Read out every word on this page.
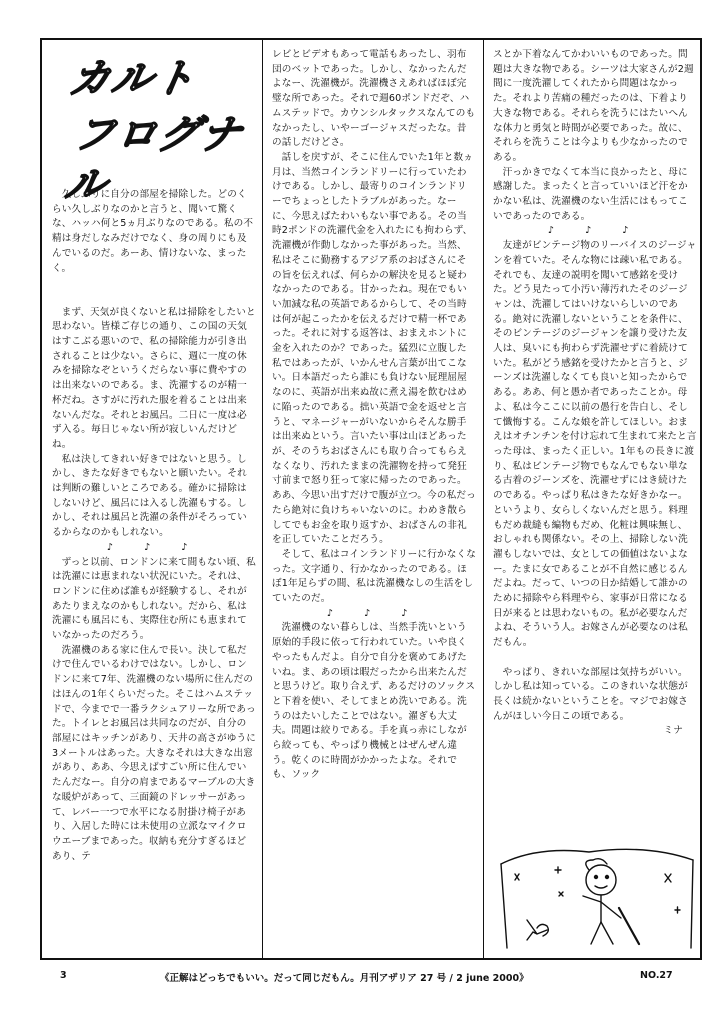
カルト
フログナル

久しぶりに自分の部屋を掃除した。どのくらい久しぶりなのかと言うと、聞いて驚くな、ハッハ何と5ヵ月ぶりなのである。私の不精は身だしなみだけでなく、身の周りにも及んでいるのだ。あーあ、情けないな、まったく。

まず、天気が良くないと私は掃除をしたいと思わない。皆様ご存じの通り、この国の天気はすこぶる悪いので、私の掃除能力が引き出されることは少ない。さらに、週に一度の休みを掃除なぞというくだらない事に費やすのは出来ないのである。ま、洗濯するのが精一杯だね。さすがに汚れた服を着ることは出来ないんだな。それとお風呂。二日に一度は必ず入る。毎日じゃない所が寂しいんだけどね。

私は決してきれい好きではないと思う。しかし、きたな好きでもないと願いたい。それは判断の難しいところである。確かに掃除はしないけど、風呂には入るし洗濯もする。しかし、それは風呂と洗濯の条件がそろっているからなのかもしれない。

♪ ♪ ♪

ずっと以前、ロンドンに来て間もない頃、私は洗濯には恵まれない状況にいた。それは、ロンドンに住めば誰もが経験するし、それがあたりまえなのかもしれない。だから、私は洗濯にも風呂にも、実際住む所にも恵まれていなかったのだろう。

洗濯機のある家に住んで長い。決して私だけで住んでいるわけではない。しかし、ロンドンに来て7年、洗濯機のない場所に住んだのはほんの1年くらいだった。そこはハムステッドで、今までで一番ラクシュアリーな所であった。トイレとお風呂は共同なのだが、自分の部屋にはキッチンがあり、天井の高さがゆうに3メートルはあった。大きなそれは大きな出窓があり、ああ、今思えばすごい所に住んでいたんだなー。自分の肩まであるマーブルの大きな暖炉があって、三面鏡のドレッサーがあって、レバー一つで水平になる肘掛け椅子があり、入居した時には未使用の立派なマイクロウエーブまであった。収納も充分すぎるほどあり、テ

レビとビデオもあって電話もあったし、羽布団のベットであった。しかし、なかったんだよなー、洗濯機が。洗濯機さえあればほぼ完璧な所であった。それで週60ポンドだぞ、ハムステッドで。カウンシルタックスなんてのもなかったし、いやーゴージャスだったな。昔の話しだけどさ。

話しを戻すが、そこに住んでいた1年と数ヵ月は、当然コインランドリーに行っていたわけである。しかし、最寄りのコインランドリーでちょっとしたトラブルがあった。なーに、今思えばたわいもない事である。その当時2ポンドの洗濯代金を入れたにも拘わらず、洗濯機が作動しなかった事があった。当然、私はそこに勤務するアジア系のおばさんにその旨を伝えれば、何らかの解決を見ると疑わなかったのである。甘かったね。現在でもいい加減な私の英語であるからして、その当時は何が起こったかを伝えるだけで精一杯であった。それに対する返答は、おまえホントに金を入れたのか？であった。猛烈に立腹した私ではあったが、いかんせん言葉が出てこない。日本語だったら誰にも負けない屁理屈屋なのに、英語が出来ぬ故に煮え湯を飲むはめに陥ったのである。拙い英語で金を返せと言うと、マネージャーがいないからそんな勝手は出来ぬという。言いたい事は山ほどあったが、そのうちおばさんにも取り合ってもらえなくなり、汚れたままの洗濯物を持って発狂寸前まで怒り狂って家に帰ったのであった。ああ、今思い出すだけで腹が立つ。今の私だったら絶対に負けちゃいないのに。わめき散らしてでもお金を取り返すか、おばさんの非礼を正していたことだろう。

そして、私はコインランドリーに行かなくなった。文字通り、行かなかったのである。ほぼ1年足らずの間、私は洗濯機なしの生活をしていたのだ。

♪ ♪ ♪

洗濯機のない暮らしは、当然手洗いという原始的手段に依って行われていた。いや良くやったもんだよ。自分で自分を褒めてあげたいね。ま、あの頃は暇だったから出来たんだと思うけど。取り合えず、あるだけのソックスと下着を使い、そしてまとめ洗いである。洗うのはたいしたことではない。濯ぎも大丈夫。問題は絞りである。手を真っ赤にしながら絞っても、やっぱり機械とはぜんぜん違う。乾くのに時間がかかったよな。それでも、ソック

スとか下着なんてかわいいものであった。問題は大きな物である。シーツは大家さんが2週間に一度洗濯してくれたから問題はなかった。それより苦痛の種だったのは、下着より大きな物である。それらを洗うにはたいへんな体力と勇気と時間が必要であった。故に、それらを洗うことは今よりも少なかったのである。

汗っかきでなくて本当に良かったと、母に感謝した。まったくと言っていいほど汗をかかない私は、洗濯機のない生活にはもってこいであったのである。

♪ ♪ ♪

友達がビンテージ物のリーバイスのジージャンを着ていた。そんな物には疎い私である。それでも、友達の説明を聞いて感銘を受けた。どう見たって小汚い薄汚れたそのジージャンは、洗濯してはいけないらしいのである。絶対に洗濯しないということを条件に、そのビンテージのジージャンを譲り受けた友人は、臭いにも拘わらず洗濯せずに着続けていた。私がどう感銘を受けたかと言うと、ジーンズは洗濯しなくても良いと知ったからである。ああ、何と愚か者であったことか。母よ、私は今ここに以前の愚行を告白し、そして懺悔する。こんな娘を許してほしい。おまえはオチンチンを付け忘れて生まれて来たと言った母は、まったく正しい。1年もの長きに渡り、私はビンテージ物でもなんでもない単なる古着のジーンズを、洗濯せずにはき続けたのである。やっぱり私はきたな好きかなー。というより、女らしくないんだと思う。料理もだめ裁縫も編物もだめ、化粧は興味無し、おしゃれも関係ない。その上、掃除しない洗濯もしないでは、女としての価値はないよなー。たまに女であることが不自然に感じるんだよね。だって、いつの日か結婚して誰かのために掃除やら料理やら、家事が日常になる日が来るとは思わないもの。私が必要なんだよね、そういう人。お嫁さんが必要なのは私だもん。

やっぱり、きれいな部屋は気持ちがいい。しかし私は知っている。このきれいな状態が長くは続かないということを。マジでお嫁さんがほしい今日この頃である。

ミナ

3	《正解はどっちでもいい。だって同じだもん。月刊アザリア 27 号 / 2 june 2000》	NO.27
